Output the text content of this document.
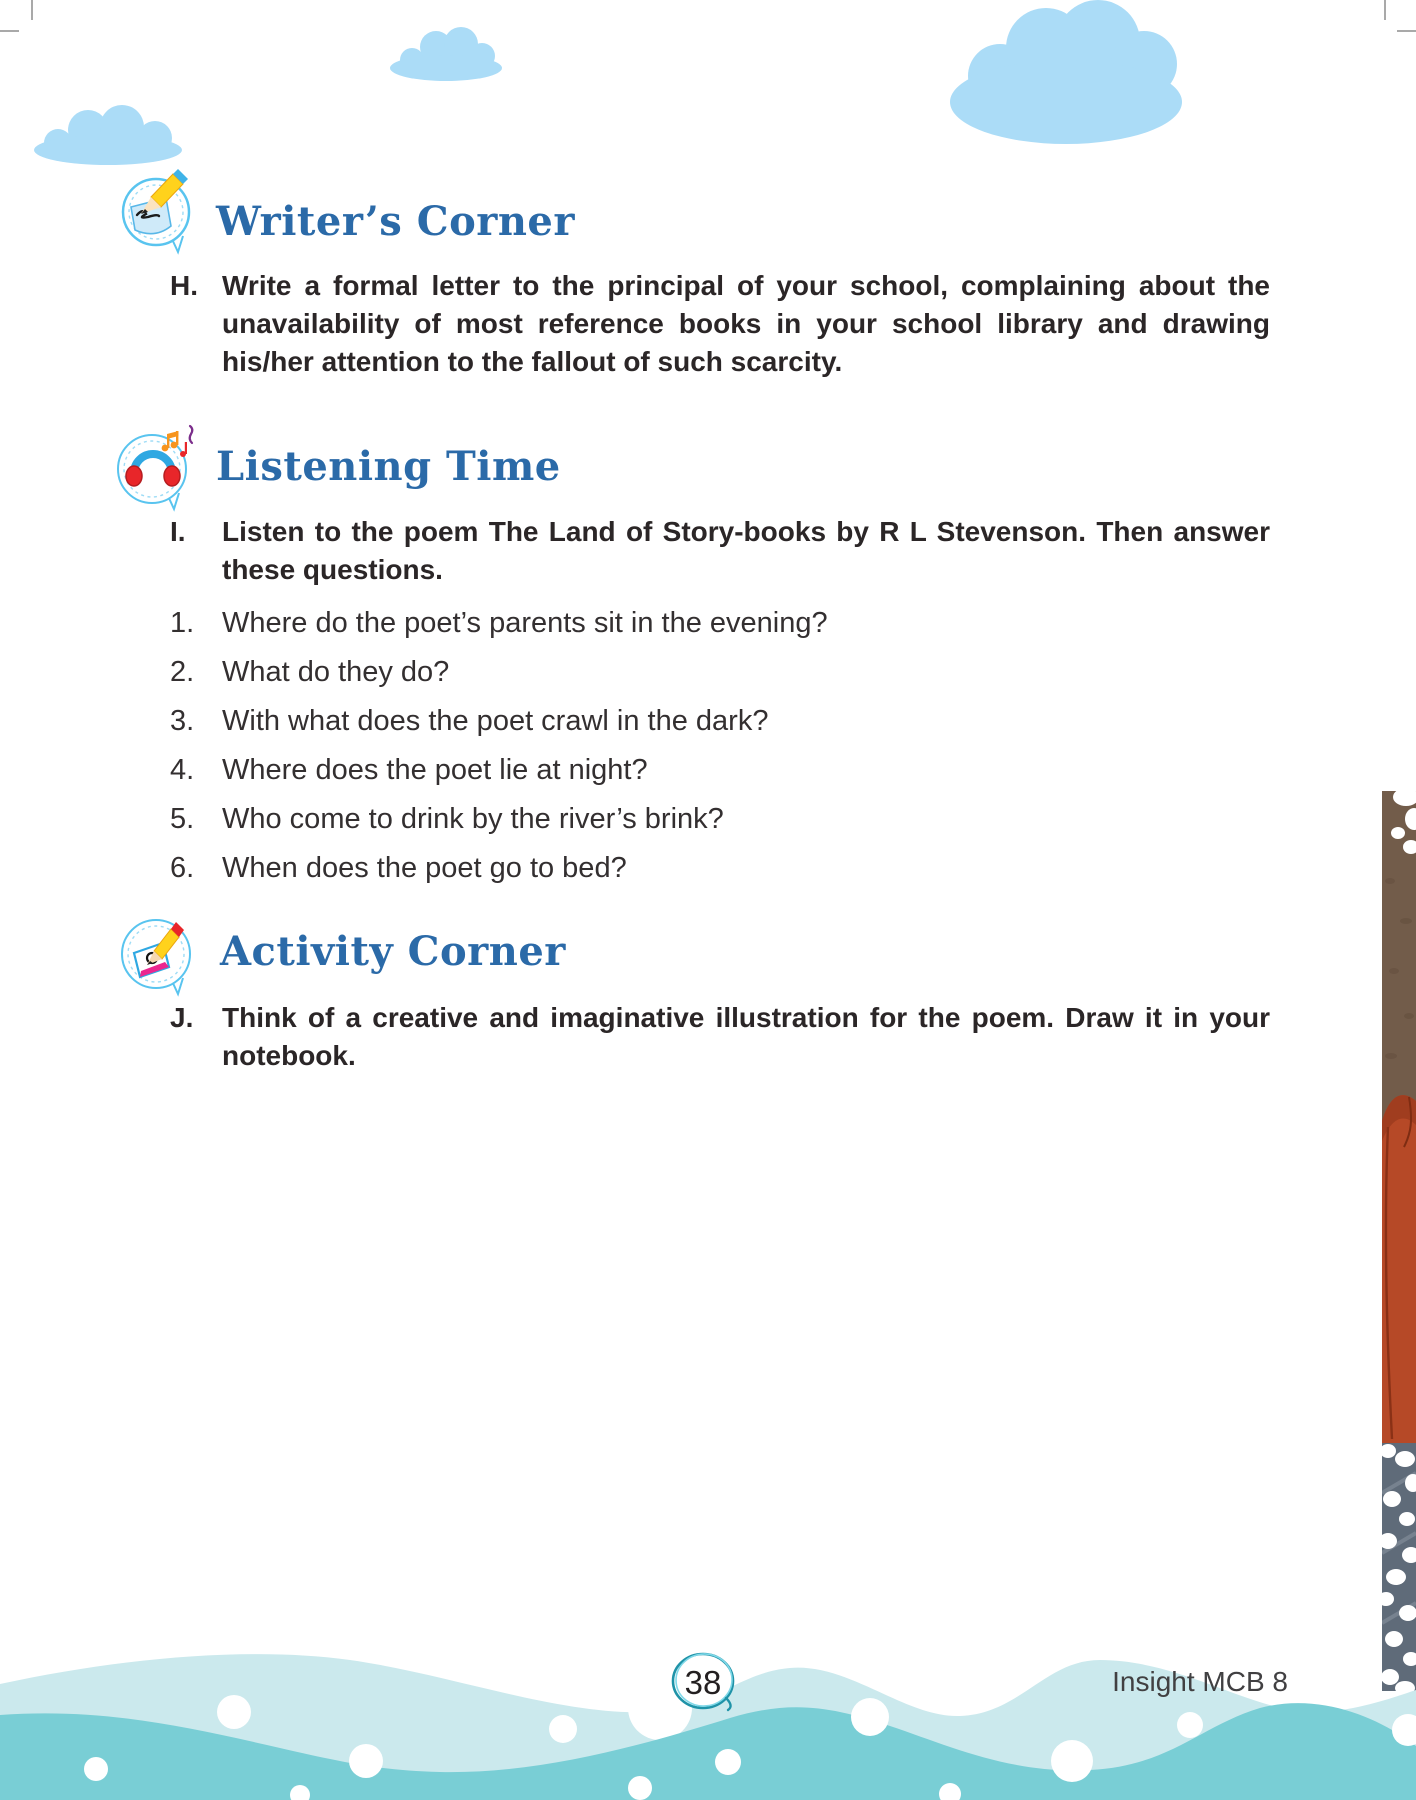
Writer’s Corner
H. Write a formal letter to the principal of your school, complaining about the unavailability of most reference books in your school library and drawing his/her attention to the fallout of such scarcity.

Listening Time
I.	Listen to the poem The Land of Story-books by R L Stevenson. Then answer these questions.

1. Where do the poet’s parents sit in the evening?
2. What do they do?
3. With what does the poet crawl in the dark?
4. Where does the poet lie at night?
5. Who come to drink by the river’s brink?
6. When does the poet go to bed?
Activity Corner
J.	Think of a creative and imaginative illustration for the poem. Draw it in your notebook.

38	Insight MCB 8
